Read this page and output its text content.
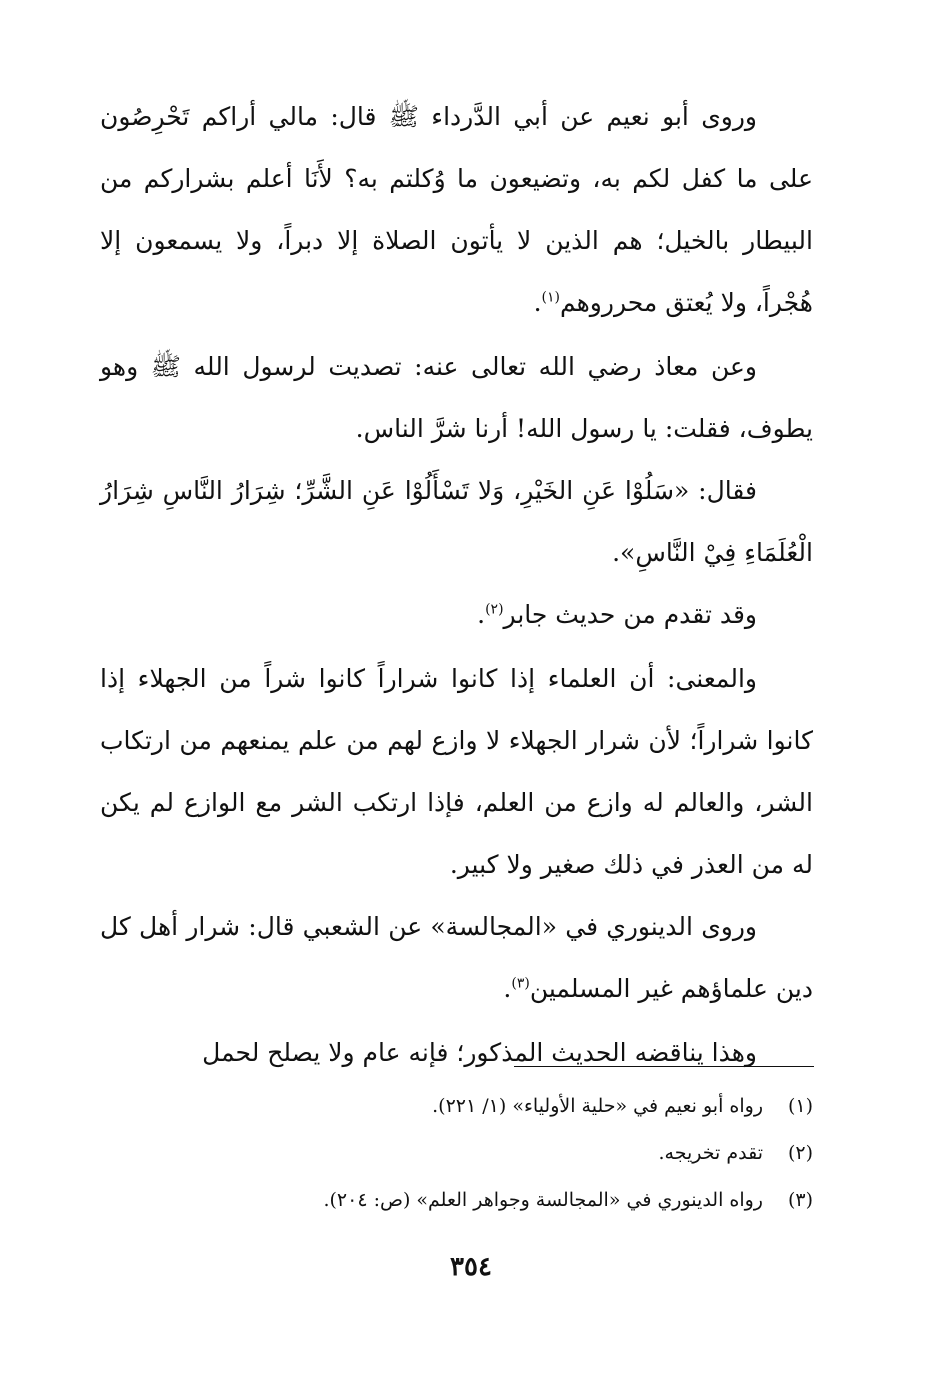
وروى أبو نعيم عن أبي الدَّرداء ﷺ قال: مالي أراكم تَحْرِصُون على ما كفل لكم به، وتضيعون ما وُكلتم به؟ لأَنَا أعلم بشراركم من البيطار بالخيل؛ هم الذين لا يأتون الصلاة إلا دبراً، ولا يسمعون إلا هُجْراً، ولا يُعتق محرروهم$^{(١)}$.

وعن معاذ رضي الله تعالى عنه: تصديت لرسول الله ﷺ وهو يطوف، فقلت: يا رسول الله! أرنا شرَّ الناس.

فقال: «سَلُوْا عَنِ الخَيْرِ، وَلا تَسْأَلُوْا عَنِ الشَّرِّ؛ شِرَارُ النَّاسِ شِرَارُ الْعُلَمَاءِ فِيْ النَّاسِ».

وقد تقدم من حديث جابر$^{(٢)}$.

والمعنى: أن العلماء إذا كانوا شراراً كانوا شراً من الجهلاء إذا كانوا شراراً؛ لأن شرار الجهلاء لا وازع لهم من علم يمنعهم من ارتكاب الشر، والعالم له وازع من العلم، فإذا ارتكب الشر مع الوازع لم يكن له من العذر في ذلك صغير ولا كبير.

وروى الدينوري في «المجالسة» عن الشعبي قال: شرار أهل كل دين علماؤهم غير المسلمين$^{(٣)}$.

وهذا يناقضه الحديث المذكور؛ فإنه عام ولا يصلح لحمل

(١)رواه أبو نعيم في «حلية الأولياء» (١/ ٢٢١).
(٢)تقدم تخريجه.
(٣)رواه الدينوري في «المجالسة وجواهر العلم» (ص: ٢٠٤).
٣٥٤
